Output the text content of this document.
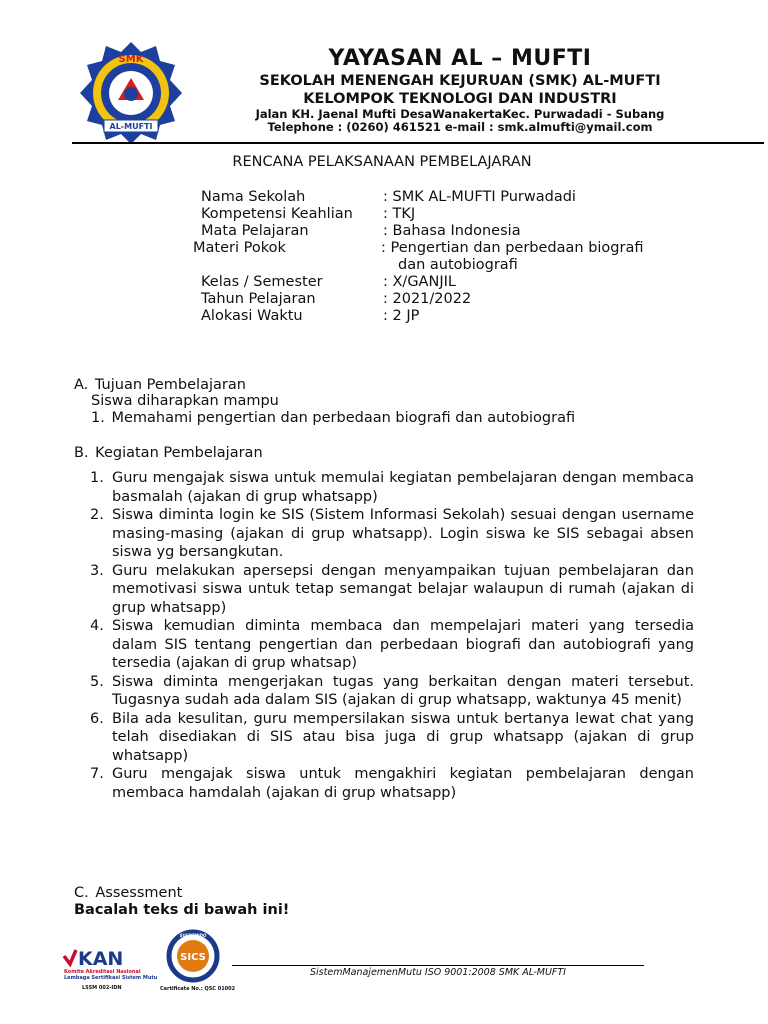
SMK
AL-MUFTI
YAYASAN AL – MUFTI
SEKOLAH MENENGAH KEJURUAN (SMK) AL-MUFTI
KELOMPOK TEKNOLOGI DAN INDUSTRI
Jalan KH. Jaenal Mufti DesaWanakertaKec. Purwadadi - Subang
Telephone : (0260) 461521 e-mail : smk.almufti@ymail.com
RENCANA PELAKSANAAN PEMBELAJARAN
Nama Sekolah	: SMK AL-MUFTI Purwadadi
Kompetensi Keahlian : TKJ
Mata Pelajaran	: Bahasa Indonesia
Materi Pokok	: Pengertian dan perbedaan biografi
dan autobiografi
Kelas / Semester	: X/GANJIL
Tahun Pelajaran	: 2021/2022
Alokasi Waktu	: 2 JP
A. Tujuan Pembelajaran
Siswa diharapkan mampu
1. Memahami pengertian dan perbedaan biografi dan autobiografi
B. Kegiatan Pembelajaran
1. Guru mengajak siswa untuk memulai kegiatan pembelajaran dengan membaca basmalah (ajakan di grup whatsapp)
2. Siswa diminta login ke SIS (Sistem Informasi Sekolah) sesuai dengan username masing-masing (ajakan di grup whatsapp). Login siswa ke SIS sebagai absen siswa yg bersangkutan.
3. Guru melakukan apersepsi dengan menyampaikan tujuan pembelajaran dan memotivasi siswa untuk tetap semangat belajar walaupun di rumah (ajakan di grup whatsapp)
4. Siswa kemudian diminta membaca dan mempelajari materi yang tersedia dalam SIS tentang pengertian dan perbedaan biografi dan autobiografi yang tersedia (ajakan di grup whatsap)
5. Siswa diminta mengerjakan tugas yang berkaitan dengan materi tersebut. Tugasnya sudah ada dalam SIS (ajakan di grup whatsapp, waktunya 45 menit)
6. Bila ada kesulitan, guru mempersilakan siswa untuk bertanya lewat chat yang telah disediakan di SIS atau bisa juga di grup whatsapp (ajakan di grup whatsapp)
7. Guru mengajak siswa untuk mengakhiri kegiatan pembelajaran dengan membaca hamdalah (ajakan di grup whatsapp)
C. Assessment
Bacalah teks di bawah ini!
KAN
Komite Akreditasi Nasional
Lembaga Sertifikasi Sistem Mutu
LSSM 002-IDN
SICS
SUCOFINDO
Certificate No.: QSC 01002
SistemManajemenMutu ISO 9001:2008 SMK AL-MUFTI
